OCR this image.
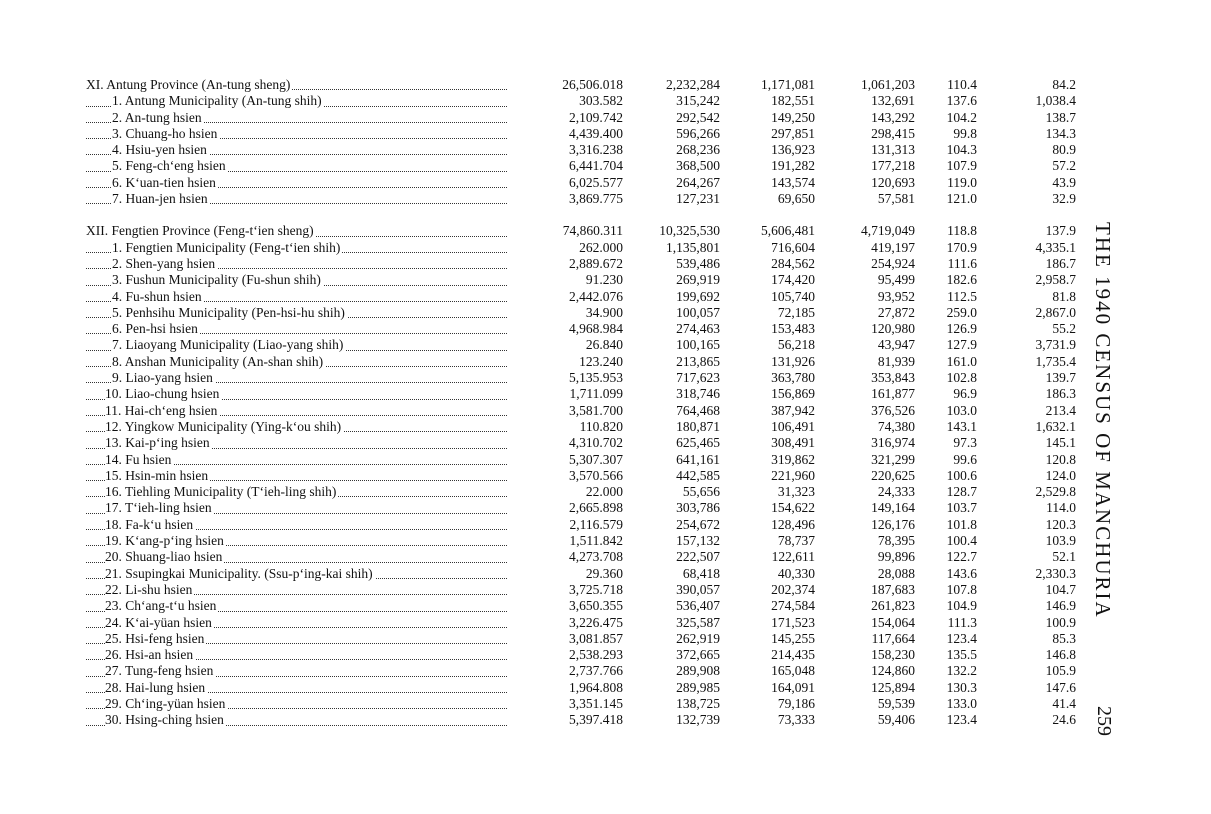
XI. Antung Province (An-tung sheng)	26,506.018	2,232,284	1,171,081	1,061,203	110.4	84.2

1. Antung Municipality (An-tung shih)	303.582	315,242	182,551	132,691	137.6	1,038.4

2. An-tung hsien	2,109.742	292,542	149,250	143,292	104.2	138.7

3. Chuang-ho hsien	4,439.400	596,266	297,851	298,415	99.8	134.3

4. Hsiu-yen hsien	3,316.238	268,236	136,923	131,313	104.3	80.9

5. Feng-ch‘eng hsien	6,441.704	368,500	191,282	177,218	107.9	57.2

6. K‘uan-tien hsien	6,025.577	264,267	143,574	120,693	119.0	43.9

7. Huan-jen hsien	3,869.775	127,231	69,650	57,581	121.0	32.9

XII. Fengtien Province (Feng-t‘ien sheng)	74,860.311	10,325,530	5,606,481	4,719,049	118.8	137.9

1. Fengtien Municipality (Feng-t‘ien shih)	262.000	1,135,801	716,604	419,197	170.9	4,335.1

2. Shen-yang hsien	2,889.672	539,486	284,562	254,924	111.6	186.7

3. Fushun Municipality (Fu-shun shih)	91.230	269,919	174,420	95,499	182.6	2,958.7

4. Fu-shun hsien	2,442.076	199,692	105,740	93,952	112.5	81.8

5. Penhsihu Municipality (Pen-hsi-hu shih)	34.900	100,057	72,185	27,872	259.0	2,867.0

6. Pen-hsi hsien	4,968.984	274,463	153,483	120,980	126.9	55.2

7. Liaoyang Municipality (Liao-yang shih)	26.840	100,165	56,218	43,947	127.9	3,731.9

8. Anshan Municipality (An-shan shih)	123.240	213,865	131,926	81,939	161.0	1,735.4

9. Liao-yang hsien	5,135.953	717,623	363,780	353,843	102.8	139.7

10. Liao-chung hsien	1,711.099	318,746	156,869	161,877	96.9	186.3

11. Hai-ch‘eng hsien	3,581.700	764,468	387,942	376,526	103.0	213.4

12. Yingkow Municipality (Ying-k‘ou shih)	110.820	180,871	106,491	74,380	143.1	1,632.1

13. Kai-p‘ing hsien	4,310.702	625,465	308,491	316,974	97.3	145.1

14. Fu hsien	5,307.307	641,161	319,862	321,299	99.6	120.8

15. Hsin-min hsien	3,570.566	442,585	221,960	220,625	100.6	124.0

16. Tiehling Municipality (T‘ieh-ling shih)	22.000	55,656	31,323	24,333	128.7	2,529.8

17. T‘ieh-ling hsien	2,665.898	303,786	154,622	149,164	103.7	114.0

18. Fa-k‘u hsien	2,116.579	254,672	128,496	126,176	101.8	120.3

19. K‘ang-p‘ing hsien	1,511.842	157,132	78,737	78,395	100.4	103.9

20. Shuang-liao hsien	4,273.708	222,507	122,611	99,896	122.7	52.1

21. Ssupingkai Municipality. (Ssu-p‘ing-kai shih)	29.360	68,418	40,330	28,088	143.6	2,330.3

22. Li-shu hsien	3,725.718	390,057	202,374	187,683	107.8	104.7

23. Ch‘ang-t‘u hsien	3,650.355	536,407	274,584	261,823	104.9	146.9

24. K‘ai-yüan hsien	3,226.475	325,587	171,523	154,064	111.3	100.9

25. Hsi-feng hsien	3,081.857	262,919	145,255	117,664	123.4	85.3

26. Hsi-an hsien	2,538.293	372,665	214,435	158,230	135.5	146.8

27. Tung-feng hsien	2,737.766	289,908	165,048	124,860	132.2	105.9

28. Hai-lung hsien	1,964.808	289,985	164,091	125,894	130.3	147.6

29. Ch‘ing-yüan hsien	3,351.145	138,725	79,186	59,539	133.0	41.4

30. Hsing-ching hsien	5,397.418	132,739	73,333	59,406	123.4	24.6
THE 1940 CENSUS OF MANCHURIA
259
